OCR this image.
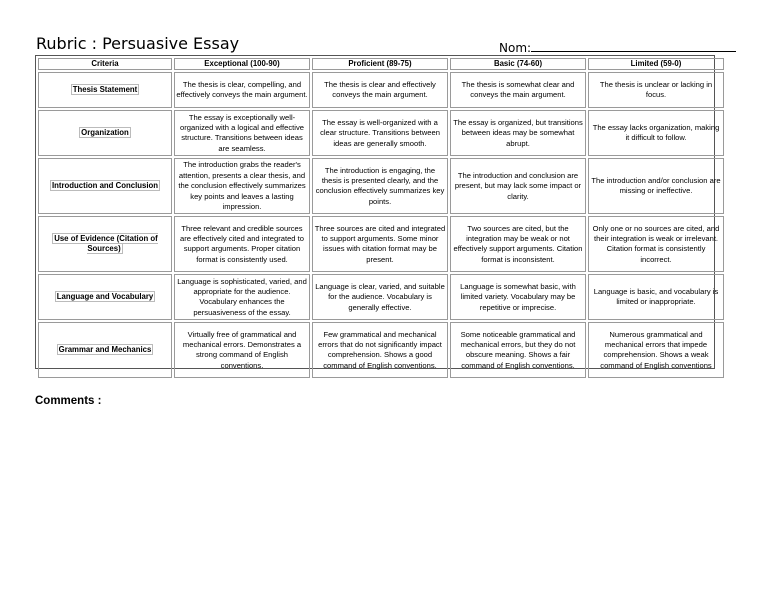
Rubric : Persuasive Essay	Nom:
Criteria	Exceptional (100-90)	Proficient (89-75)	Basic (74-60)	Limited (59-0)
Thesis Statement	The thesis is clear, compelling, and effectively conveys the main argument.	The thesis is clear and effectively conveys the main argument.	The thesis is somewhat clear and conveys the main argument.	The thesis is unclear or lacking in focus.
Organization	The essay is exceptionally well-organized with a logical and effective structure. Transitions between ideas are seamless.	The essay is well-organized with a clear structure. Transitions between ideas are generally smooth.	The essay is organized, but transitions between ideas may be somewhat abrupt.	The essay lacks organization, making it difficult to follow.
Introduction and Conclusion	The introduction grabs the reader's attention, presents a clear thesis, and the conclusion effectively summarizes key points and leaves a lasting impression.	The introduction is engaging, the thesis is presented clearly, and the conclusion effectively summarizes key points.	The introduction and conclusion are present, but may lack some impact or clarity.	The introduction and/or conclusion are missing or ineffective.
Use of Evidence (Citation of Sources)	Three relevant and credible sources are effectively cited and integrated to support arguments. Proper citation format is consistently used.	Three sources are cited and integrated to support arguments. Some minor issues with citation format may be present.	Two sources are cited, but the integration may be weak or not effectively support arguments. Citation format is inconsistent.	Only one or no sources are cited, and their integration is weak or irrelevant. Citation format is consistently incorrect.
Language and Vocabulary	Language is sophisticated, varied, and appropriate for the audience. Vocabulary enhances the persuasiveness of the essay.	Language is clear, varied, and suitable for the audience. Vocabulary is generally effective.	Language is somewhat basic, with limited variety. Vocabulary may be repetitive or imprecise.	Language is basic, and vocabulary is limited or inappropriate.
Grammar and Mechanics	Virtually free of grammatical and mechanical errors. Demonstrates a strong command of English conventions.	Few grammatical and mechanical errors that do not significantly impact comprehension. Shows a good command of English conventions.	Some noticeable grammatical and mechanical errors, but they do not obscure meaning. Shows a fair command of English conventions.	Numerous grammatical and mechanical errors that impede comprehension. Shows a weak command of English conventions
Comments :
